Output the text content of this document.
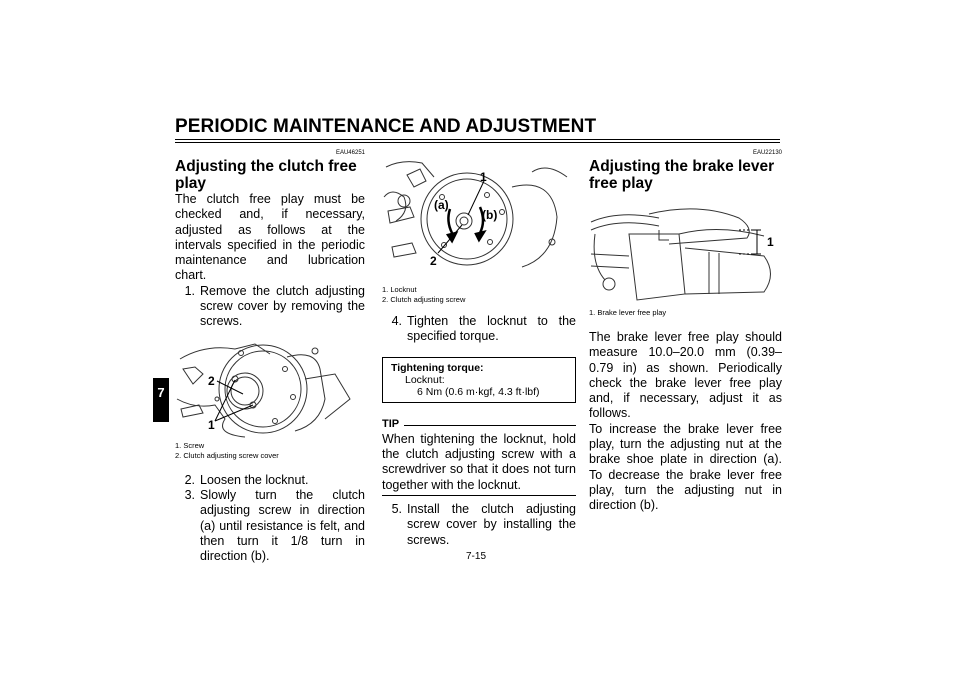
PERIODIC MAINTENANCE AND ADJUSTMENT
7
EAU46251
Adjusting the clutch free play

The clutch free play must be checked and, if necessary, adjusted as follows at the intervals specified in the periodic maintenance and lubrication chart.

1. Remove the clutch adjusting screw cover by removing the screws.
2
1
1. Screw
2. Clutch adjusting screw cover
2. Loosen the locknut.
3. Slowly turn the clutch adjusting screw in direction (a) until resistance is felt, and then turn it 1/8 turn in direction (b).
1
2
(a)
(b)
1. Locknut
2. Clutch adjusting screw
4. Tighten the locknut to the specified torque.
Tightening torque:
Locknut:
6 Nm (0.6 m·kgf, 4.3 ft·lbf)
TIP

When tightening the locknut, hold the clutch adjusting screw with a screwdriver so that it does not turn together with the locknut.

5. Install the clutch adjusting screw cover by installing the screws.
EAU22130
Adjusting the brake lever free play
1
1. Brake lever free play

The brake lever free play should measure 10.0–20.0 mm (0.39–0.79 in) as shown. Periodically check the brake lever free play and, if necessary, adjust it as follows.

To increase the brake lever free play, turn the adjusting nut at the brake shoe plate in direction (a). To decrease the brake lever free play, turn the adjusting nut in direction (b).

7-15
